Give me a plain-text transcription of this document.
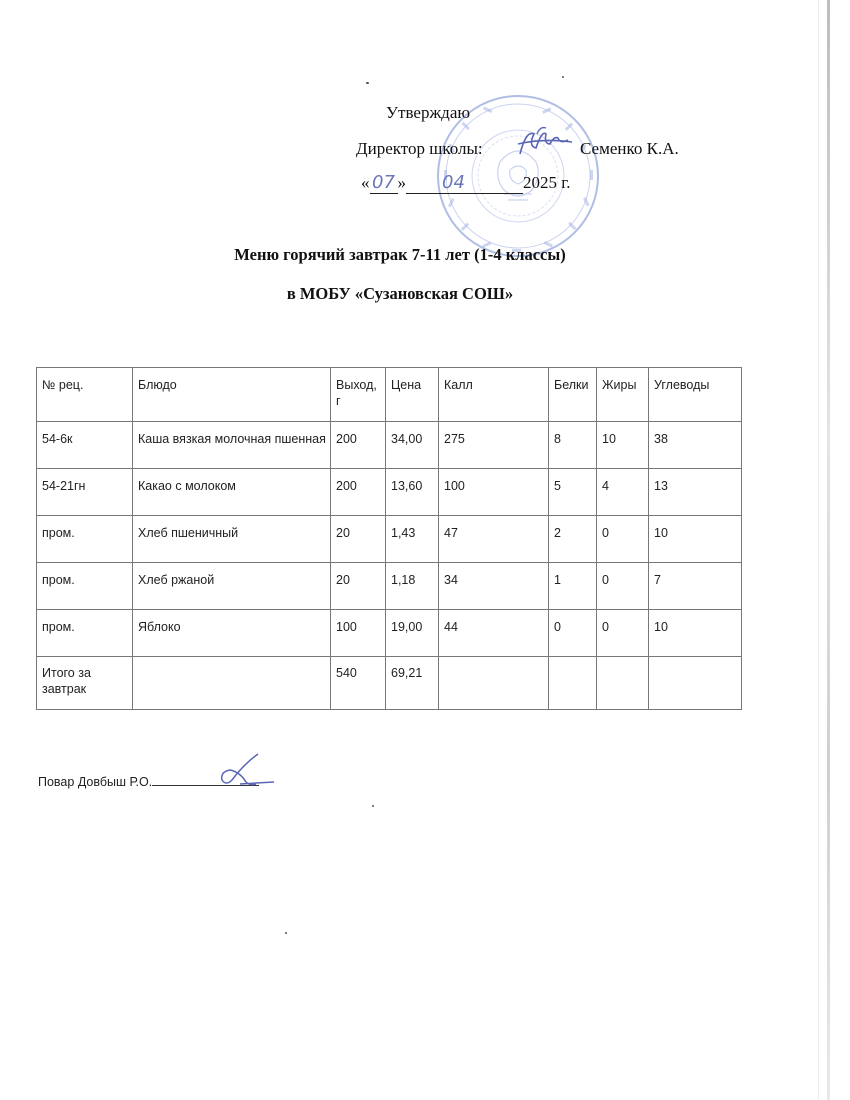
Утверждаю
Директор школы:	Семенко К.А.
« 07 » 04	2025 г.
Меню горячий завтрак 7-11 лет (1-4 классы)
в МОБУ «Сузановская СОШ»
№ рец.	Блюдо	Выход, г	Цена	Калл	Белки	Жиры	Углеводы
54-6к	Каша вязкая молочная пшенная	200	34,00	275	8	10	38
54-21гн	Какао с молоком	200	13,60	100	5	4	13
пром.	Хлеб пшеничный	20	1,43	47	2	0	10
пром.	Хлеб ржаной	20	1,18	34	1	0	7
пром.	Яблоко	100	19,00	44	0	0	10
Итого за завтрак		540	69,21				
Повар Довбыш Р.О.
